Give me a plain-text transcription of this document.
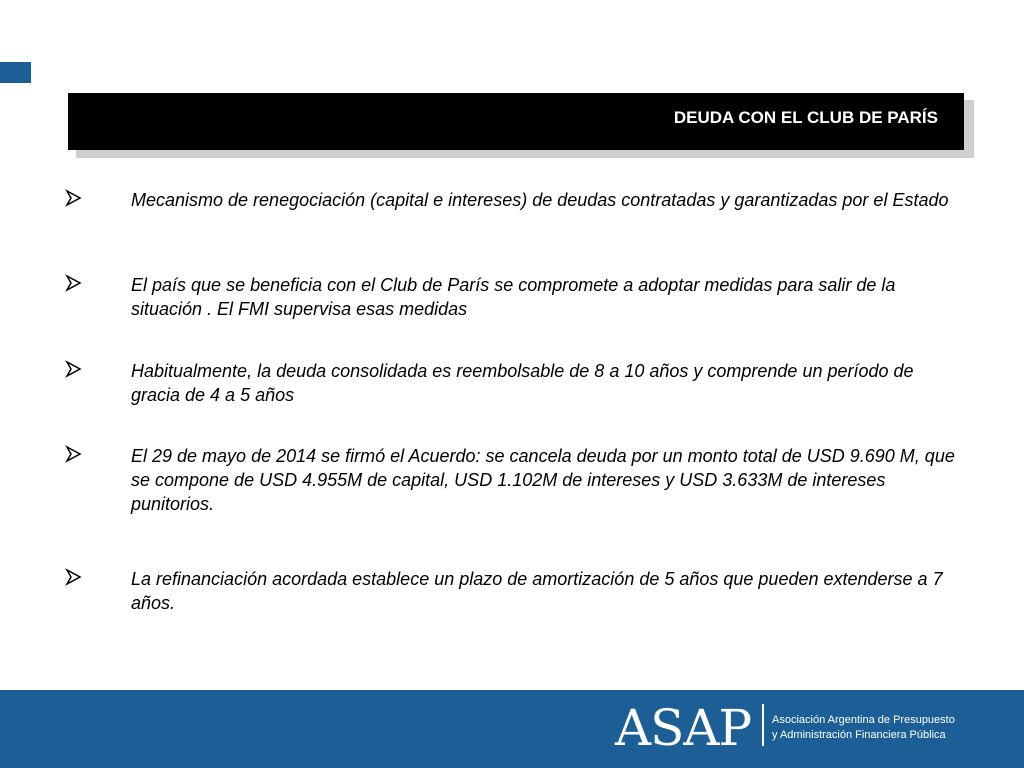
DEUDA CON EL CLUB DE PARÍS
Mecanismo de renegociación (capital e intereses) de deudas contratadas y garantizadas por el Estado
El país que se beneficia con el Club de París se compromete a adoptar medidas para salir de la situación . El FMI supervisa esas medidas
Habitualmente, la deuda consolidada es reembolsable de 8 a 10 años y comprende un período de gracia de 4 a 5 años
El 29 de mayo de 2014 se firmó el Acuerdo: se cancela deuda por un monto total de USD 9.690 M, que se compone de USD 4.955M de capital, USD 1.102M de intereses y USD 3.633M de intereses punitorios.
La refinanciación acordada establece un plazo de amortización de 5 años que pueden extenderse a 7 años.
ASAP Asociación Argentina de Presupuesto
y Administración Financiera Pública
